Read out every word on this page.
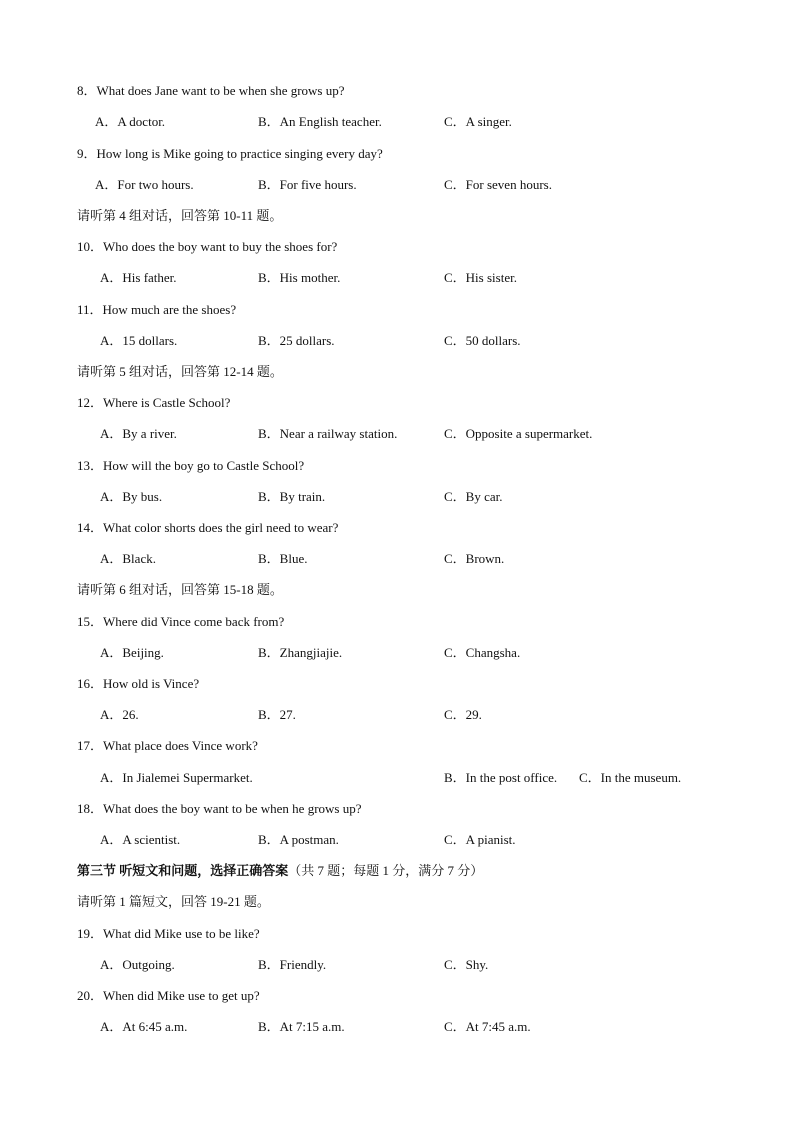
8．What does Jane want to be when she grows up?
A．A doctor.	B．An English teacher.	C．A singer.
9．How long is Mike going to practice singing every day?
A．For two hours.	B．For five hours.	C．For seven hours.
请听第 4 组对话，回答第 10-11 题。
10．Who does the boy want to buy the shoes for?
A．His father.	B．His mother.	C．His sister.
11．How much are the shoes?
A．15 dollars.	B．25 dollars.	C．50 dollars.
请听第 5 组对话，回答第 12-14 题。
12．Where is Castle School?
A．By a river.	B．Near a railway station.	C．Opposite a supermarket.
13．How will the boy go to Castle School?
A．By bus.	B．By train.	C．By car.
14．What color shorts does the girl need to wear?
A．Black.	B．Blue.	C．Brown.
请听第 6 组对话，回答第 15-18 题。
15．Where did Vince come back from?
A．Beijing.	B．Zhangjiajie.	C．Changsha.
16．How old is Vince?
A．26.	B．27.	C．29.
17．What place does Vince work?
A．In Jialemei Supermarket.	B．In the post office. C．In the museum.
18．What does the boy want to be when he grows up?
A．A scientist.	B．A postman.	C．A pianist.
第三节 听短文和问题，选择正确答案（共 7 题；每题 1 分，满分 7 分）
请听第 1 篇短文，回答 19-21 题。
19．What did Mike use to be like?
A．Outgoing.	B．Friendly.	C．Shy.
20．When did Mike use to get up?
A．At 6:45 a.m.	B．At 7:15 a.m.	C．At 7:45 a.m.
